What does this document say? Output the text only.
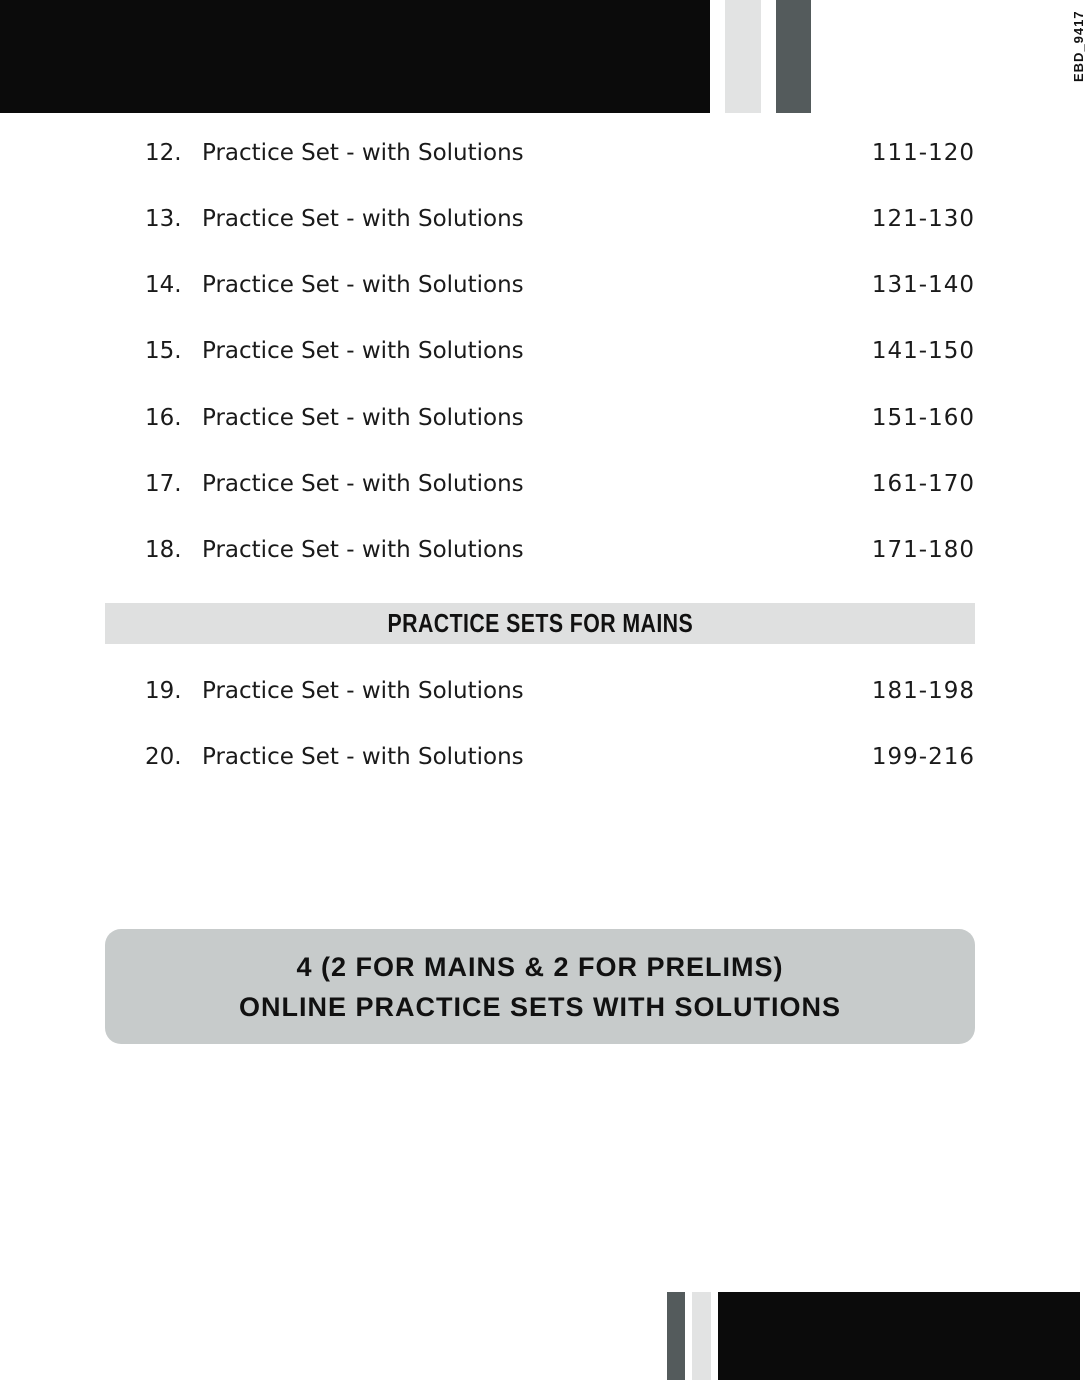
EBD_9417
12. Practice Set - with Solutions	111-120
13. Practice Set - with Solutions	121-130
14. Practice Set - with Solutions	131-140
15. Practice Set - with Solutions	141-150
16. Practice Set - with Solutions	151-160
17. Practice Set - with Solutions	161-170
18. Practice Set - with Solutions	171-180
PRACTICE SETS FOR MAINS
19. Practice Set - with Solutions	181-198
20. Practice Set - with Solutions	199-216
4 (2 FOR MAINS & 2 FOR PRELIMS)
ONLINE PRACTICE SETS WITH SOLUTIONS
